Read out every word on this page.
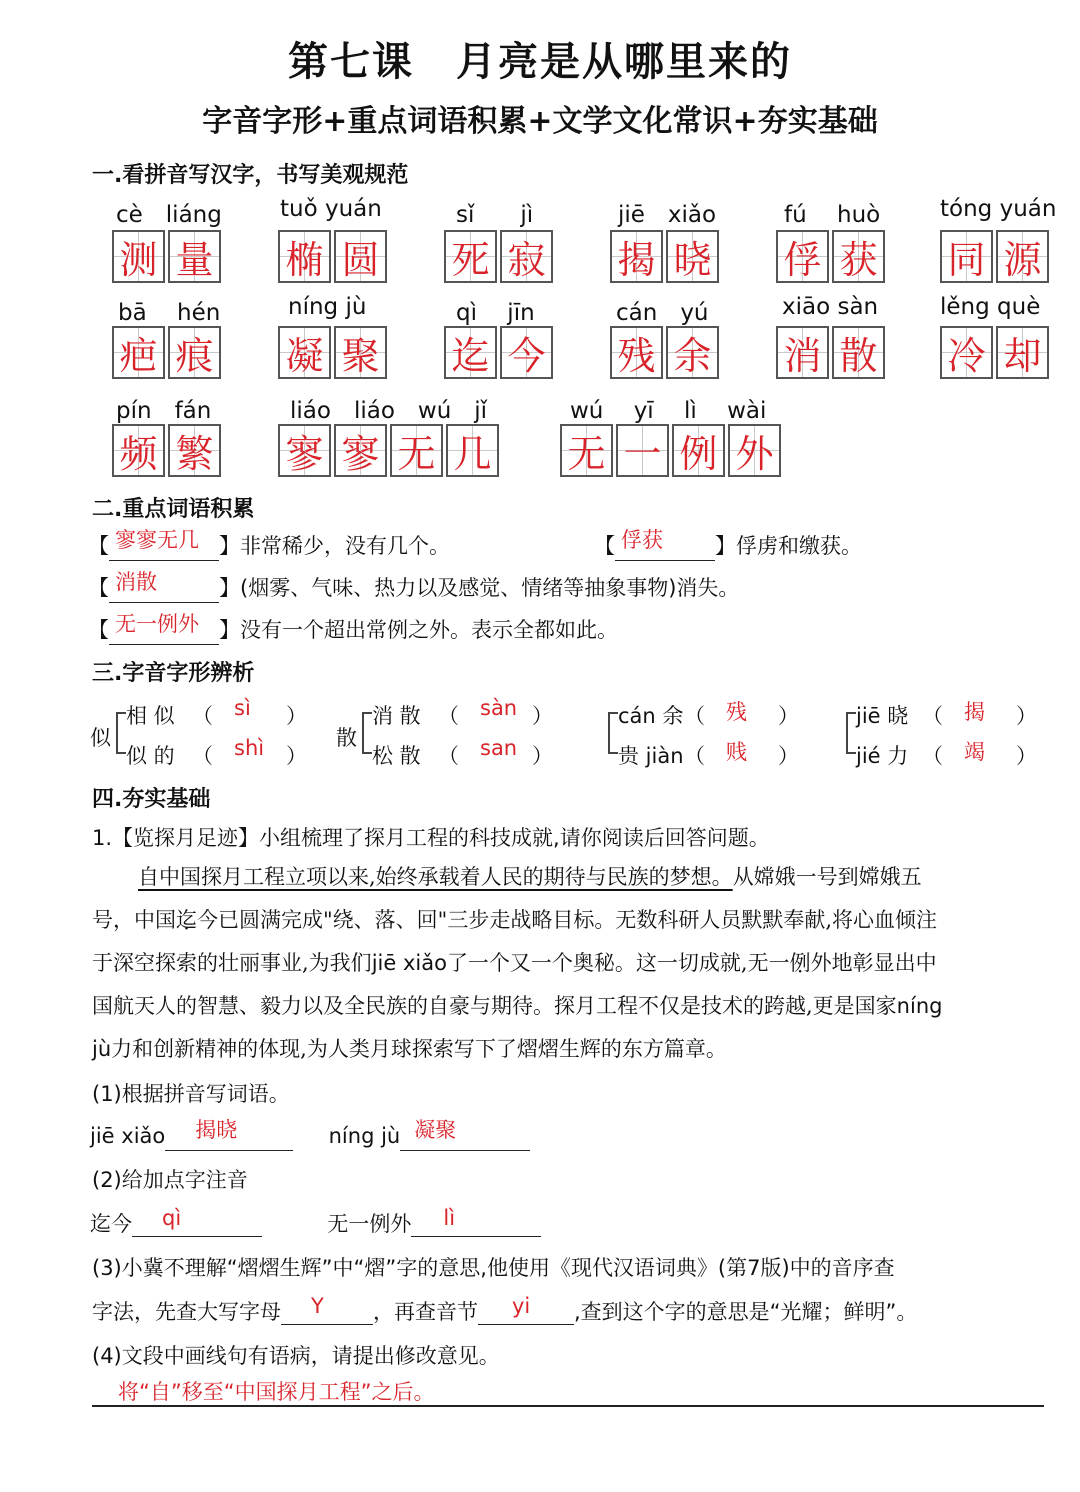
第七课　月亮是从哪里来的
字音字形+重点词语积累+文学文化常识+夯实基础
一.看拼音写汉字，书写美观规范
cè　liáng
测 量
tuǒ yuán
椭 圆
sǐ　　jì
死 寂
jiē　xiǎo
揭 晓
fú　 huò
俘 获
tóng yuán
同 源
bā　 hén
疤 痕
níng jù
凝 聚
qì　 jīn
迄 今
cán　yú
残 余
xiāo sàn
消 散
lěng què
冷 却
pín　fán
频 繁
liáo　liáo　wú　jǐ
寥 寥 无 几
wú　 yī　 lì　 wài
无 一 例 外
二.重点词语积累
【 寥寥无几 】非常稀少，没有几个。	【 俘获 】俘虏和缴获。
【 消散	】(烟雾、气味、热力以及感觉、情绪等抽象事物)消失。
【 无一例外 】没有一个超出常例之外。表示全都如此。
三.字音字形辨析
似
相 似 （ sì ）
似 的 （ shì ）
散
消 散 （ sàn ）
松 散 （ san ）
cán 余 （ 残 ）
贵 jiàn （ 贱 ）
jiē 晓 （ 揭 ）
jié 力 （ 竭 ）
四.夯实基础
1.【览探月足迹】小组梳理了探月工程的科技成就,请你阅读后回答问题。
自中国探月工程立项以来,始终承载着人民的期待与民族的梦想。从嫦娥一号到嫦娥五
号，中国迄今已圆满完成"绕、落、回"三步走战略目标。无数科研人员默默奉献,将心血倾注
于深空探索的壮丽事业,为我们jiē xiǎo了一个又一个奥秘。这一切成就,无一例外地彰显出中
国航天人的智慧、毅力以及全民族的自豪与期待。探月工程不仅是技术的跨越,更是国家níng
jù力和创新精神的体现,为人类月球探索写下了熠熠生辉的东方篇章。
(1)根据拼音写词语。
jiē xiǎo 揭晓	níng jù 凝聚
(2)给加点字注音
迄今 qì	无一例外 lì
(3)小冀不理解“熠熠生辉”中“熠”字的意思,他使用《现代汉语词典》(第7版)中的音序查
字法，先查大写字母 Y ，再查音节 yi ,查到这个字的意思是“光耀；鲜明”。
(4)文段中画线句有语病，请提出修改意见。
将“自”移至“中国探月工程”之后。
